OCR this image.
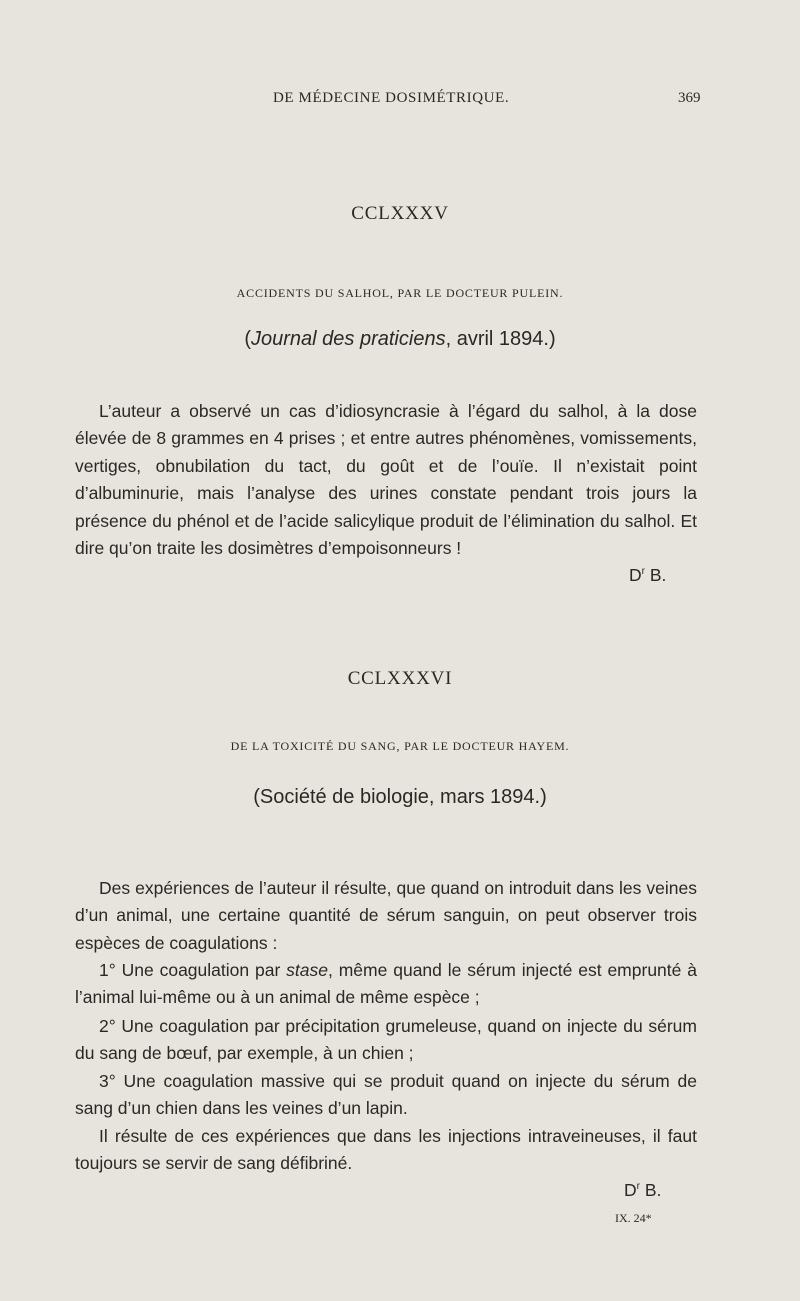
DE MÉDECINE DOSIMÉTRIQUE.	369
CCLXXXV
ACCIDENTS DU SALHOL, PAR LE DOCTEUR PULEIN.
(Journal des praticiens, avril 1894.)

L’auteur a observé un cas d’idiosyncrasie à l’égard du salhol, à la dose élevée de 8 grammes en 4 prises ; et entre autres phénomènes, vomissements, vertiges, obnubilation du tact, du goût et de l’ouïe. Il n’existait point d’albuminurie, mais l’analyse des urines constate pendant trois jours la présence du phénol et de l’acide salicylique produit de l’élimination du salhol. Et dire qu’on traite les dosimètres d’empoisonneurs !

$D^r$ B.
CCLXXXVI
DE LA TOXICITÉ DU SANG, PAR LE DOCTEUR HAYEM.
(Société de biologie, mars 1894.)

Des expériences de l’auteur il résulte, que quand on introduit dans les veines d’un animal, une certaine quantité de sérum sanguin, on peut observer trois espèces de coagulations :

1° Une coagulation par stase, même quand le sérum injecté est emprunté à l’animal lui-même ou à un animal de même espèce ;

2° Une coagulation par précipitation grumeleuse, quand on injecte du sérum du sang de bœuf, par exemple, à un chien ;

3° Une coagulation massive qui se produit quand on injecte du sérum de sang d’un chien dans les veines d’un lapin.

Il résulte de ces expériences que dans les injections intraveineuses, il faut toujours se servir de sang défibriné.

$D^r$ B.
IX. 24*
